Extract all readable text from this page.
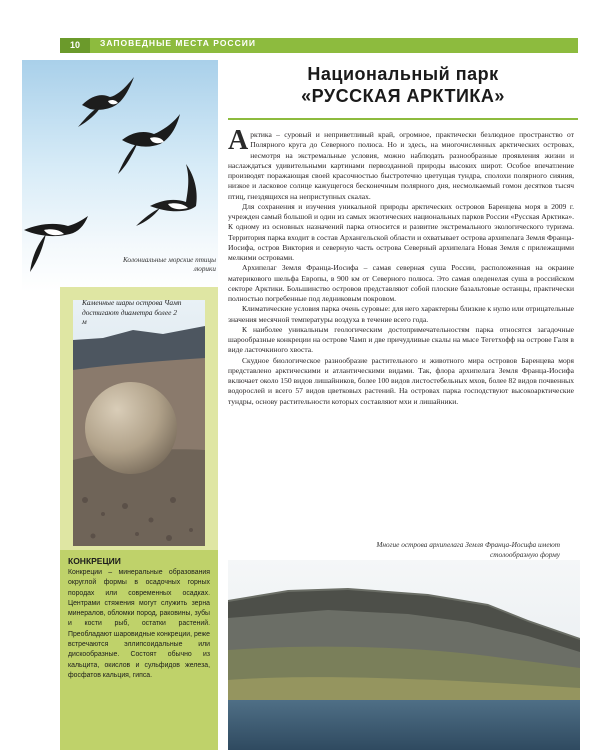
10	ЗАПОВЕДНЫЕ МЕСТА РОССИИ
Колониальные морские птицы люрики
Каменные шары острова Чамп достигают диаметра более 2 м
КОНКРЕЦИИ
Конкреции – минеральные образования округлой формы в осадочных горных породах или современных осадках. Центрами стяжения могут служить зерна минералов, обломки пород, раковины, зубы и кости рыб, остатки растений. Преобладают шаровидные конкреции, реже встречаются эллипсоидальные или дискообразные. Состоят обычно из кальцита, окислов и сульфидов железа, фосфатов кальция, гипса.
Национальный парк
«РУССКАЯ АРКТИКА»

Арктика – суровый и неприветливый край, огромное, практически безлюдное пространство от Полярного круга до Северного полюса. Но и здесь, на многочисленных арктических островах, несмотря на экстремальные условия, можно наблюдать разнообразные проявления жизни и наслаждаться удивительными картинами первозданной природы высоких широт. Особое впечатление производят поражающая своей красочностью быстротечно цветущая тундра, сполохи полярного сияния, низкое и ласковое солнце кажущегося бесконечным полярного дня, несмолкаемый гомон десятков тысяч птиц, гнездящихся на неприступных скалах.

Для сохранения и изучения уникальной природы арктических островов Баренцева моря в 2009 г. учрежден самый большой и один из самых экзотических национальных парков России «Русская Арктика». К одному из основных назначений парка относится и развитие экстремального экологического туризма. Территория парка входит в состав Архангельской области и охватывает острова архипелага Земля Франца-Иосифа, остров Виктория и северную часть острова Северный архипелага Новая Земля с прилежащими мелкими островами.

Архипелаг Земля Франца-Иосифа – самая северная суша России, расположенная на окраине материкового шельфа Европы, в 900 км от Северного полюса. Это самая оледенелая суша в российском секторе Арктики. Большинство островов представляют собой плоские базальтовые останцы, практически полностью погребенные под ледниковым покровом.

Климатические условия парка очень суровые: для него характерны близкие к нулю или отрицательные значения месячной температуры воздуха в течение всего года.

К наиболее уникальным геологическим достопримечательностям парка относятся загадочные шарообразные конкреции на острове Чамп и две причудливые скалы на мысе Тегетхофф на острове Галя в виде ласточкиного хвоста.

Скудное биологическое разнообразие растительного и животного мира островов Баренцева моря представлено арктическими и атлантическими видами. Так, флора архипелага Земля Франца-Иосифа включает около 150 видов лишайников, более 100 видов листостебельных мхов, более 82 видов почвенных водорослей и всего 57 видов цветковых растений. На островах парка господствуют высокоарктические тундры, основу растительности которых составляют мхи и лишайники.

Многие острова архипелага Земля Франца-Иосифа имеют столообразную форму
